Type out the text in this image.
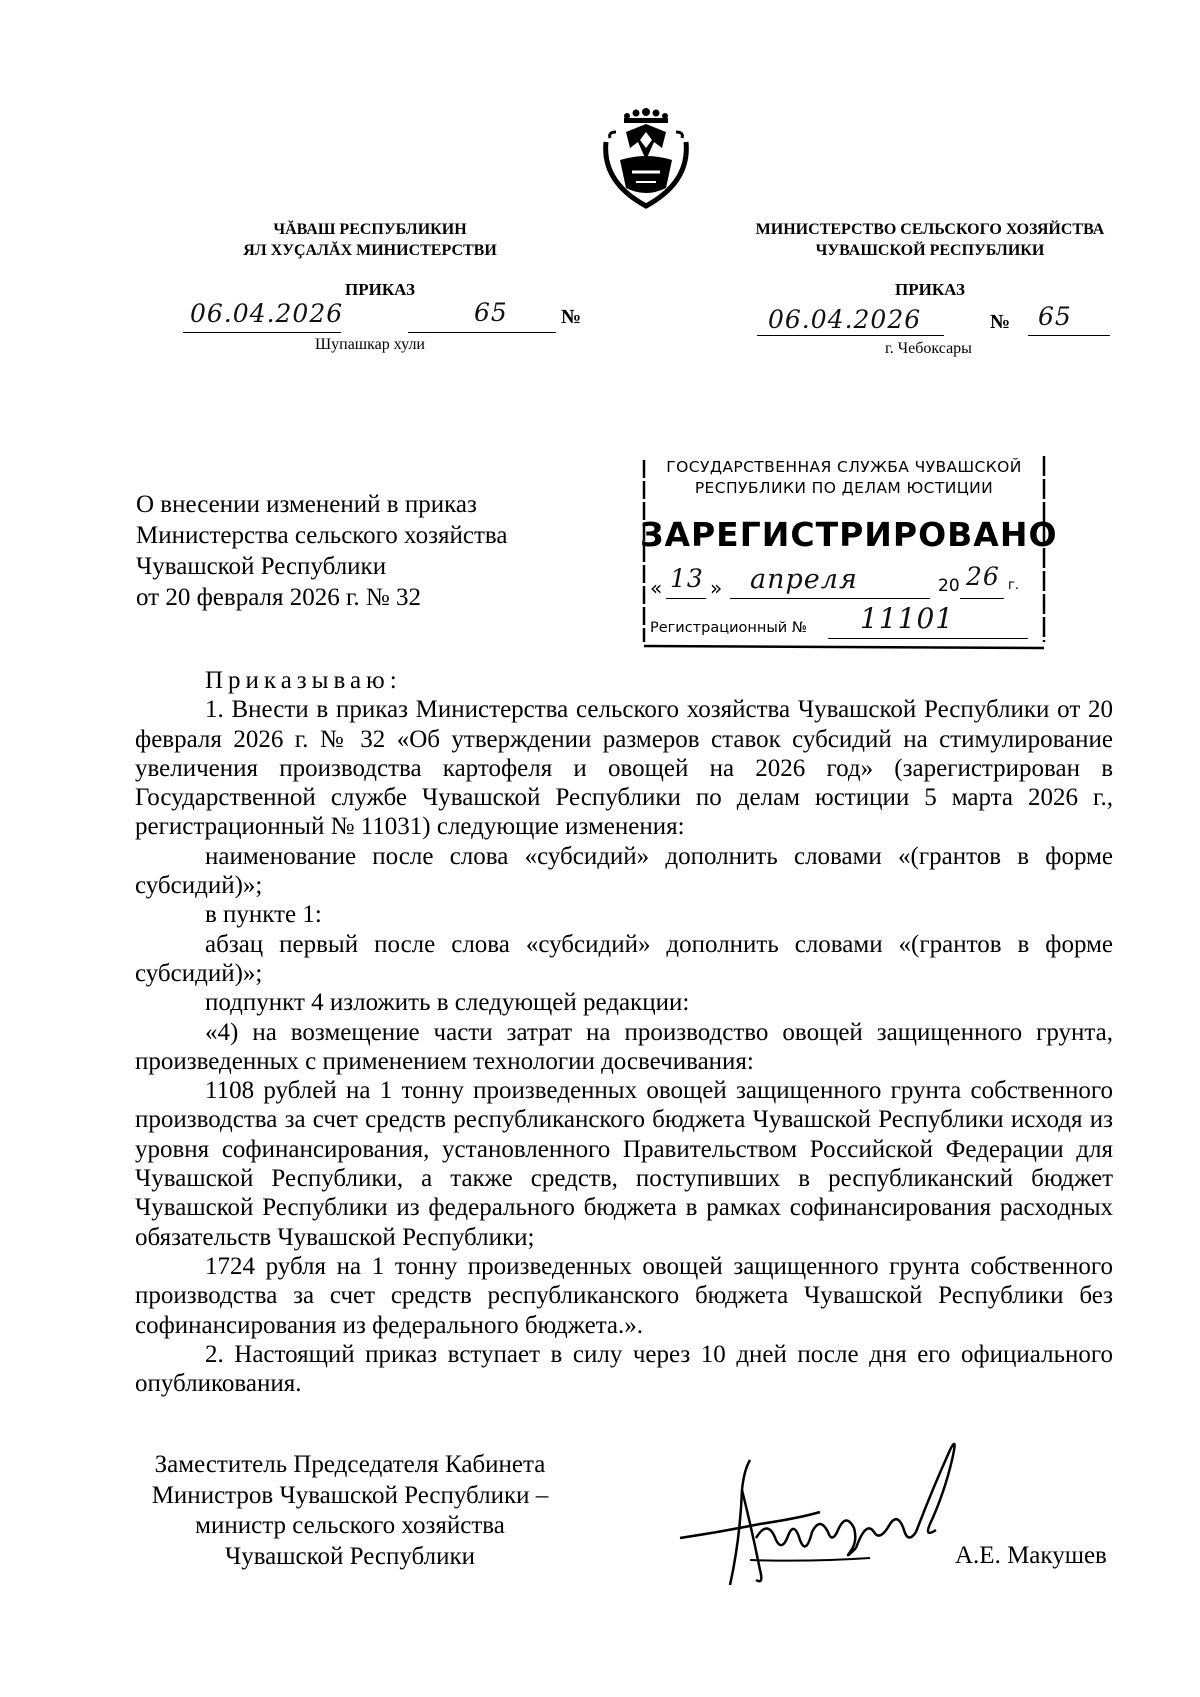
ЧĂВАШ РЕСПУБЛИКИН
ЯЛ ХУҪАЛĂХ МИНИСТЕРСТВИ
МИНИСТЕРСТВО СЕЛЬСКОГО ХОЗЯЙСТВА
ЧУВАШСКОЙ РЕСПУБЛИКИ
ПРИКАЗ	ПРИКАЗ
06.04.2026	65	№
Шупашкар хули
06.04.2026	№ 65
г. Чебоксары
О внесении изменений в приказ
Министерства сельского хозяйства
Чувашской Республики
от 20 февраля 2026 г. № 32
ГОСУДАРСТВЕННАЯ СЛУЖБА ЧУВАШСКОЙ
РЕСПУБЛИКИ ПО ДЕЛАМ ЮСТИЦИИ
ЗАРЕГИСТРИРОВАНО
« 13 » апреля	20 26 г.
Регистрационный № 11101

Приказываю:

1. Внести в приказ Министерства сельского хозяйства Чувашской Республики от 20 февраля 2026 г. № 32 «Об утверждении размеров ставок субсидий на стимулирование увеличения производства картофеля и овощей на 2026 год» (зарегистрирован в Государственной службе Чувашской Республики по делам юстиции 5 марта 2026 г., регистрационный № 11031) следующие изменения:

наименование после слова «субсидий» дополнить словами «(грантов в форме субсидий)»;

в пункте 1:

абзац первый после слова «субсидий» дополнить словами «(грантов в форме субсидий)»;

подпункт 4 изложить в следующей редакции:

«4) на возмещение части затрат на производство овощей защищенного грунта, произведенных с применением технологии досвечивания:

1108 рублей на 1 тонну произведенных овощей защищенного грунта собственного производства за счет средств республиканского бюджета Чувашской Республики исходя из уровня софинансирования, установленного Правительством Российской Федерации для Чувашской Республики, а также средств, поступивших в республиканский бюджет Чувашской Республики из федерального бюджета в рамках софинансирования расходных обязательств Чувашской Республики;

1724 рубля на 1 тонну произведенных овощей защищенного грунта собственного производства за счет средств республиканского бюджета Чувашской Республики без софинансирования из федерального бюджета.».

2. Настоящий приказ вступает в силу через 10 дней после дня его официального опубликования.

Заместитель Председателя Кабинета
Министров Чувашской Республики –
министр сельского хозяйства
Чувашской Республики	А.Е. Макушев
